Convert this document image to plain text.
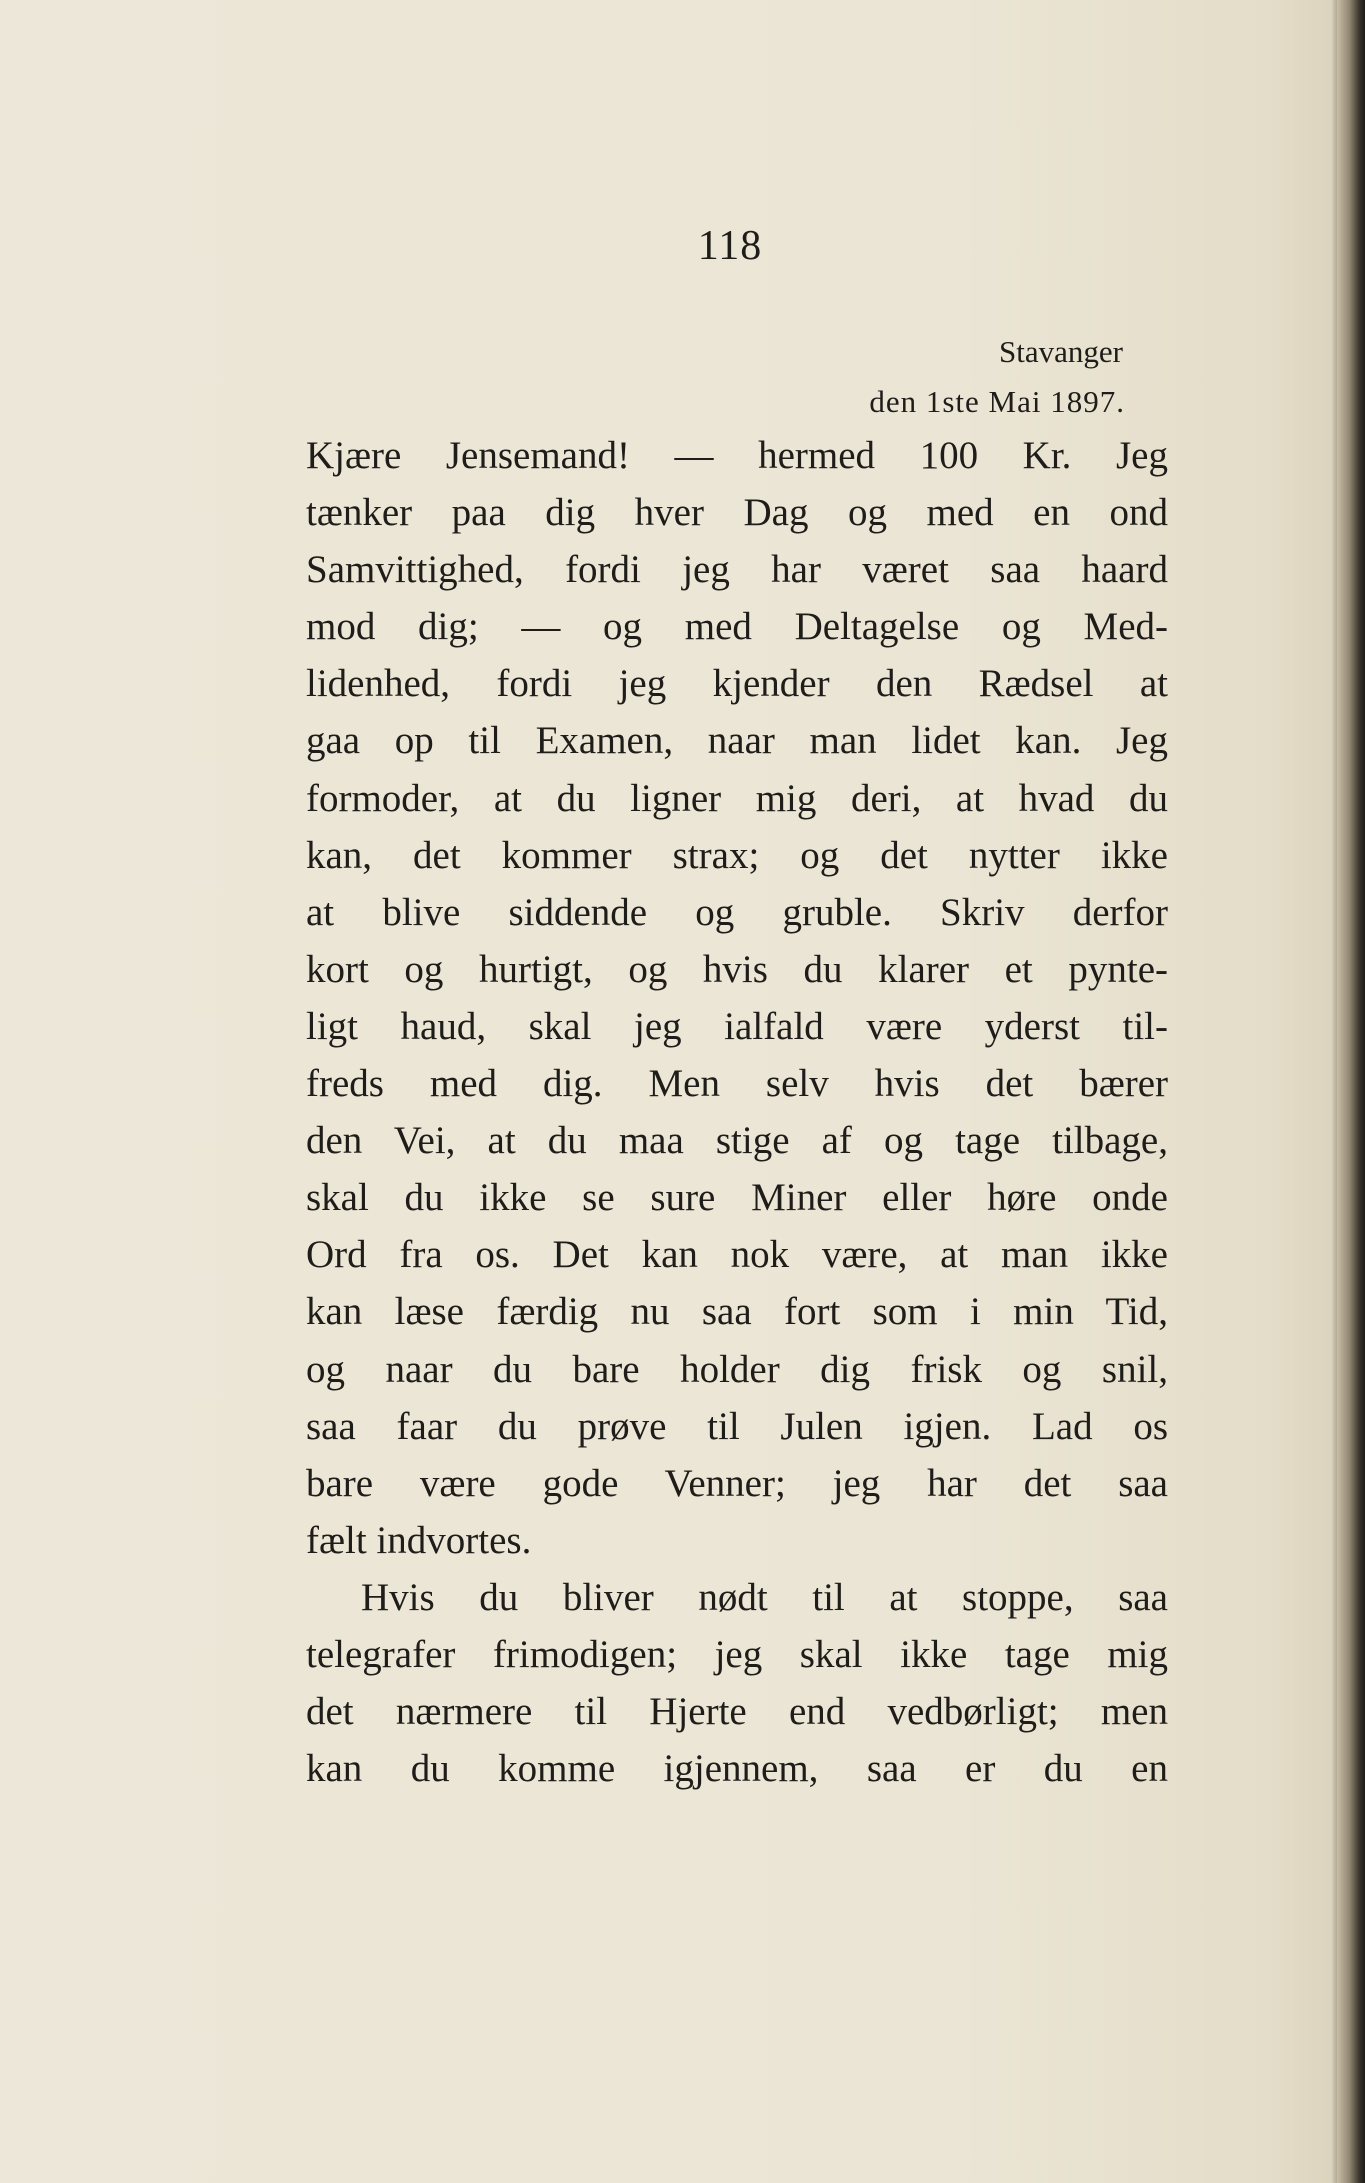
118
Stavanger
den 1ste Mai 1897.
Kjære Jensemand! — hermed 100 Kr. Jeg
tænker paa dig hver Dag og med en ond
Samvittighed, fordi jeg har været saa haard
mod dig; — og med Deltagelse og Med-
lidenhed, fordi jeg kjender den Rædsel at
gaa op til Examen, naar man lidet kan. Jeg
formoder, at du ligner mig deri, at hvad du
kan, det kommer strax; og det nytter ikke
at blive siddende og gruble. Skriv derfor
kort og hurtigt, og hvis du klarer et pynte-
ligt haud, skal jeg ialfald være yderst til-
freds med dig. Men selv hvis det bærer
den Vei, at du maa stige af og tage tilbage,
skal du ikke se sure Miner eller høre onde
Ord fra os. Det kan nok være, at man ikke
kan læse færdig nu saa fort som i min Tid,
og naar du bare holder dig frisk og snil,
saa faar du prøve til Julen igjen. Lad os
bare være gode Venner; jeg har det saa
fælt indvortes.
Hvis du bliver nødt til at stoppe, saa
telegrafer frimodigen; jeg skal ikke tage mig
det nærmere til Hjerte end vedbørligt; men
kan du komme igjennem, saa er du en
